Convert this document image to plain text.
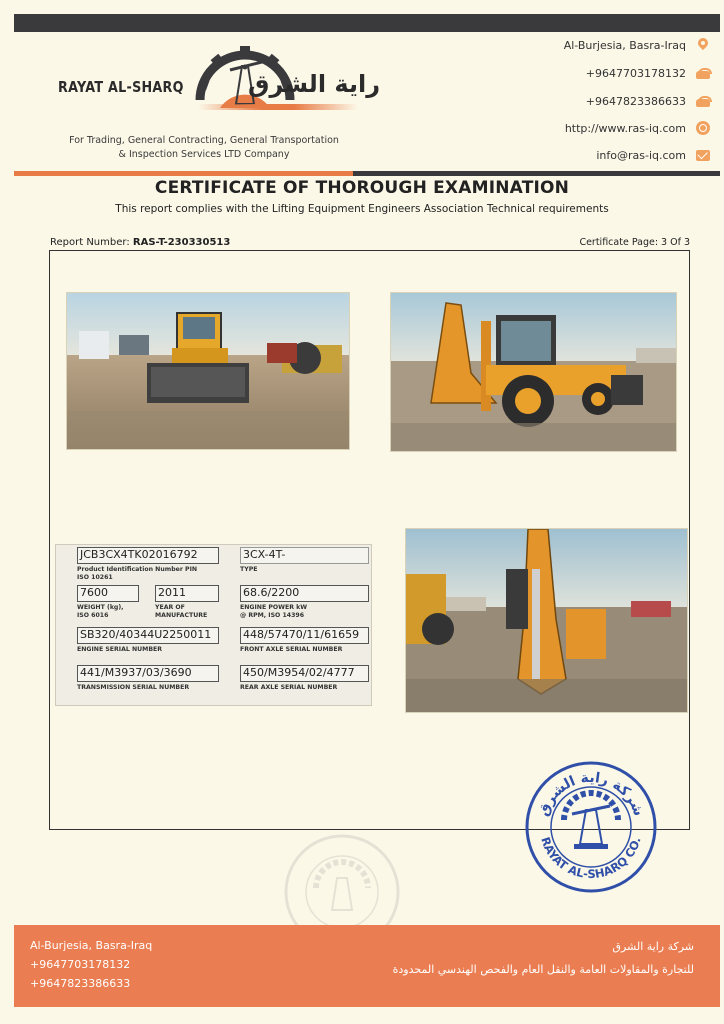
RAYAT AL-SHARQ	راية الشرق
For Trading, General Contracting, General Transportation
& Inspection Services LTD Company
Al-Burjesia, Basra-Iraq
+9647703178132
+9647823386633
http://www.ras-iq.com
info@ras-iq.com
CERTIFICATE OF THOROUGH EXAMINATION
This report complies with the Lifting Equipment Engineers Association Technical requirements
Report Number: RAS-T-230330513	Certificate Page: 3 Of 3
JCB3CX4TK02016792
Product Identification Number PIN
ISO 10261
3CX-4T-
TYPE
7600
WEIGHT (kg),
ISO 6016
2011
YEAR OF
MANUFACTURE
68.6/2200
ENGINE POWER kW
@ RPM, ISO 14396
SB320/40344U2250011
ENGINE SERIAL NUMBER
448/57470/11/61659
FRONT AXLE SERIAL NUMBER
441/M3937/03/3690
TRANSMISSION SERIAL NUMBER
450/M3954/02/4777
REAR AXLE SERIAL NUMBER
شركة راية الشرق
RAYAT AL-SHARQ CO.
Al-Burjesia, Basra-Iraq
+9647703178132
+9647823386633
شركة راية الشرق
للتجارة والمقاولات العامة والنقل العام والفحص الهندسي المحدودة
